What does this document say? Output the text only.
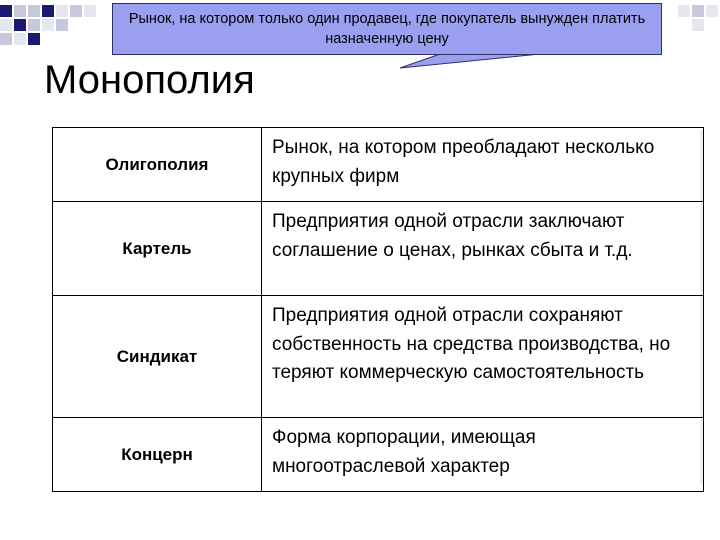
Рынок, на котором только один продавец, где покупатель вынужден платить назначенную цену
Монополия
Олигополия	Рынок, на котором преобладают несколько крупных фирм

Картель	Предприятия одной отрасли заключают соглашение о ценах, рынках сбыта и т.д.

Синдикат	Предприятия одной отрасли сохраняют собственность на средства производства, но теряют коммерческую самостоятельность

Концерн	Форма корпорации, имеющая многоотраслевой характер
